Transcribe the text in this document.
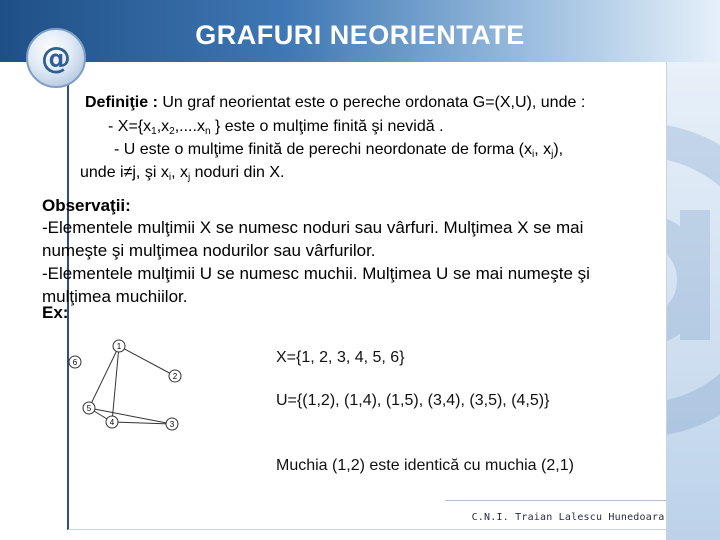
@
GRAFURI NEORIENTATE
Definiţie : Un graf neorientat este o pereche ordonata G=(X,U), unde :
- $X=\{x_1,x_2,....x_n$ } este o mulţime finită şi nevidă .
- U este o mulţime finită de perechi neordonate de forma ($x_i$, $x_j$),
unde i≠j, şi $x_i$, $x_j$ noduri din X.
Observaţii:
-Elementele mulţimii X se numesc noduri sau vârfuri. Mulţimea X se mai
numeşte şi mulţimea nodurilor sau vârfurilor.
-Elementele mulţimii U se numesc muchii. Mulţimea U se mai numeşte şi
mulţimea muchiilor.
Ex:
1
2
3
4
5
6	X={1, 2, 3, 4, 5, 6}
U={(1,2), (1,4), (1,5), (3,4), (3,5), (4,5)}
Muchia (1,2) este identică cu muchia (2,1)
C.N.I. Traian Lalescu Hunedoara
